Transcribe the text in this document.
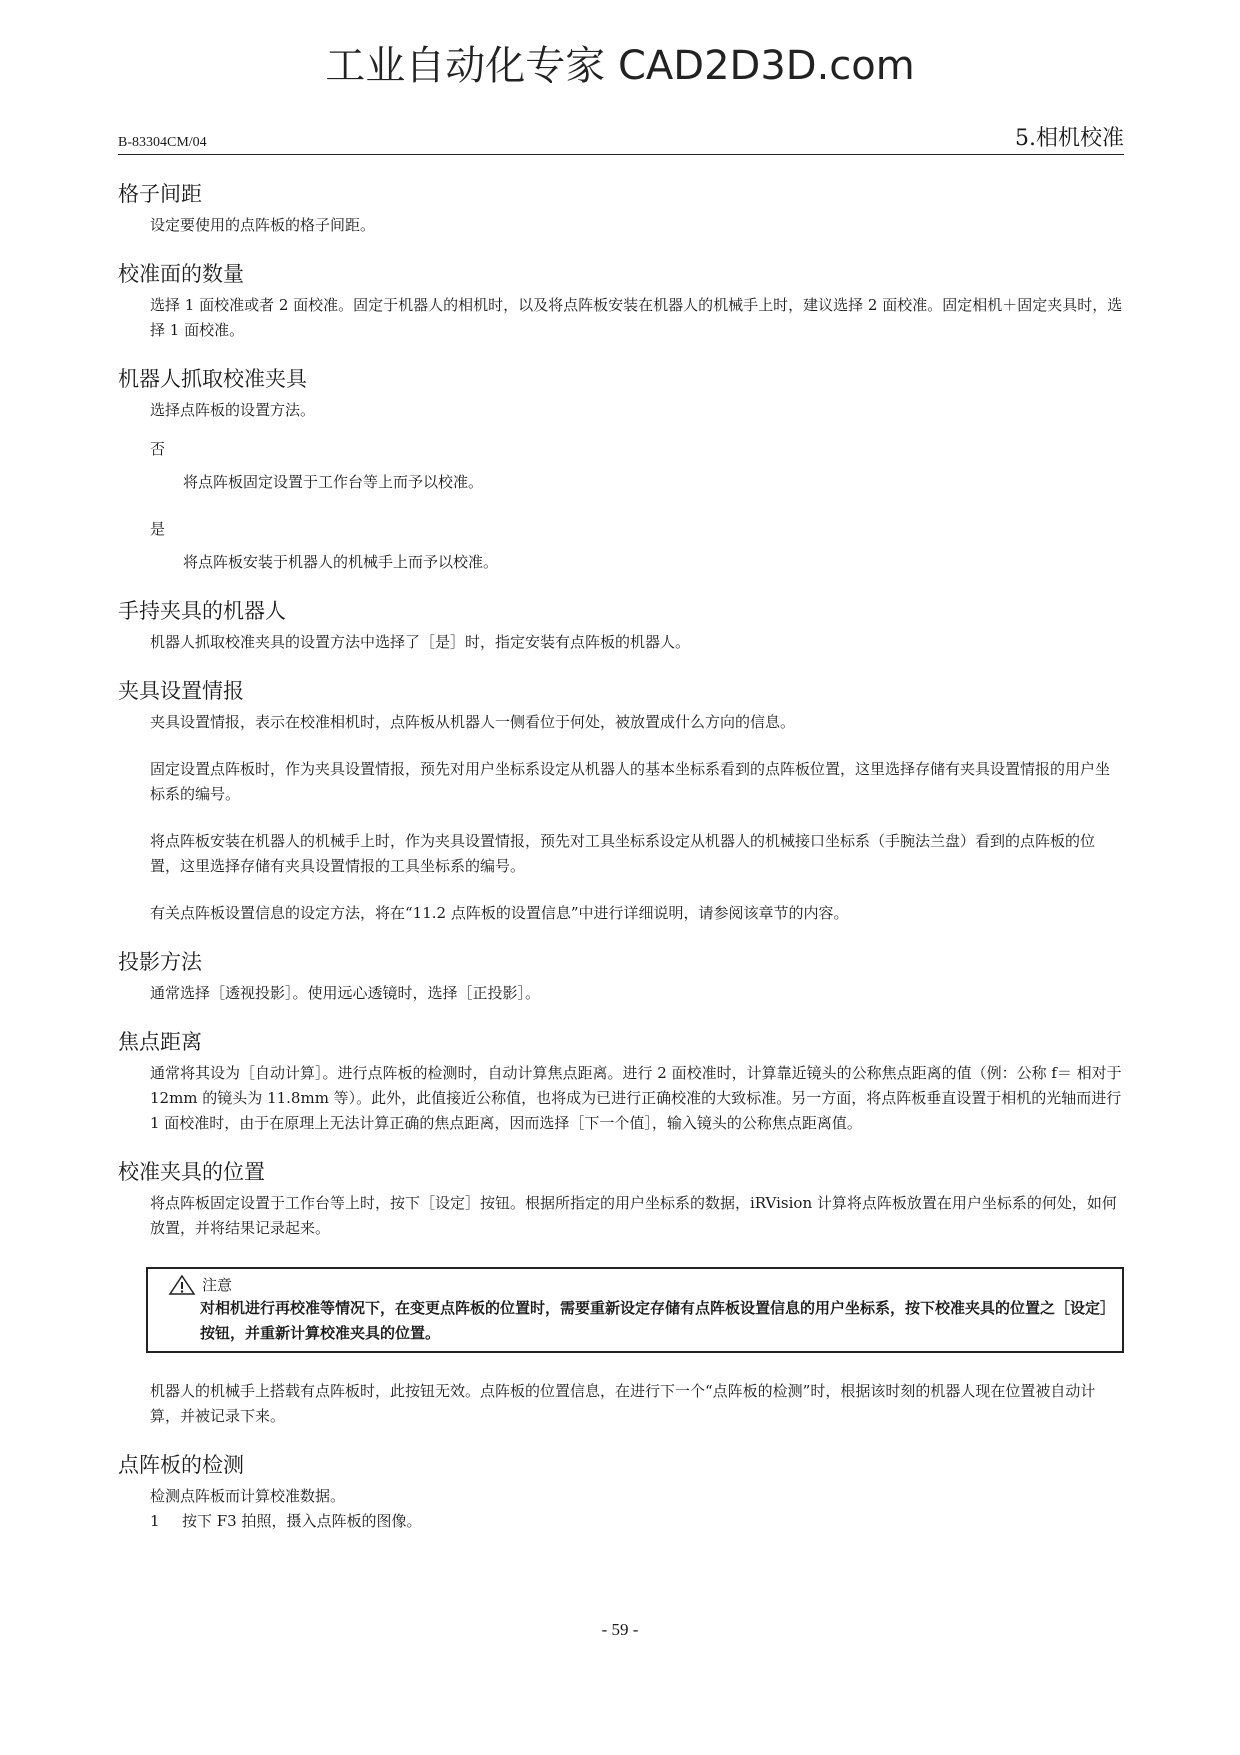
工业自动化专家 CAD2D3D.com
B-83304CM/04	5.相机校准
格子间距

设定要使用的点阵板的格子间距。

校准面的数量

选择 1 面校准或者 2 面校准。固定于机器人的相机时，以及将点阵板安装在机器人的机械手上时，建议选择 2 面校准。固定相机＋固定夹具时，选择 1 面校准。

机器人抓取校准夹具

选择点阵板的设置方法。

否
将点阵板固定设置于工作台等上而予以校准。
是
将点阵板安装于机器人的机械手上而予以校准。
手持夹具的机器人

机器人抓取校准夹具的设置方法中选择了［是］时，指定安装有点阵板的机器人。

夹具设置情报

夹具设置情报，表示在校准相机时，点阵板从机器人一侧看位于何处，被放置成什么方向的信息。

固定设置点阵板时，作为夹具设置情报，预先对用户坐标系设定从机器人的基本坐标系看到的点阵板位置，这里选择存储有夹具设置情报的用户坐标系的编号。

将点阵板安装在机器人的机械手上时，作为夹具设置情报，预先对工具坐标系设定从机器人的机械接口坐标系（手腕法兰盘）看到的点阵板的位置，这里选择存储有夹具设置情报的工具坐标系的编号。

有关点阵板设置信息的设定方法，将在“11.2 点阵板的设置信息”中进行详细说明，请参阅该章节的内容。

投影方法

通常选择［透视投影］。使用远心透镜时，选择［正投影］。

焦点距离

通常将其设为［自动计算］。进行点阵板的检测时，自动计算焦点距离。进行 2 面校准时，计算靠近镜头的公称焦点距离的值（例：公称 f＝ 相对于 12mm 的镜头为 11.8mm 等）。此外，此值接近公称值，也将成为已进行正确校准的大致标准。另一方面，将点阵板垂直设置于相机的光轴而进行 1 面校准时，由于在原理上无法计算正确的焦点距离，因而选择［下一个值］，输入镜头的公称焦点距离值。

校准夹具的位置

将点阵板固定设置于工作台等上时，按下［设定］按钮。根据所指定的用户坐标系的数据，iRVision 计算将点阵板放置在用户坐标系的何处，如何放置，并将结果记录起来。

注意
对相机进行再校准等情况下，在变更点阵板的位置时，需要重新设定存储有点阵板设置信息的用户坐标系，按下校准夹具的位置之［设定］按钮，并重新计算校准夹具的位置。

机器人的机械手上搭载有点阵板时，此按钮无效。点阵板的位置信息，在进行下一个“点阵板的检测”时，根据该时刻的机器人现在位置被自动计算，并被记录下来。

点阵板的检测

检测点阵板而计算校准数据。

1	按下 F3 拍照，摄入点阵板的图像。
- 59 -
